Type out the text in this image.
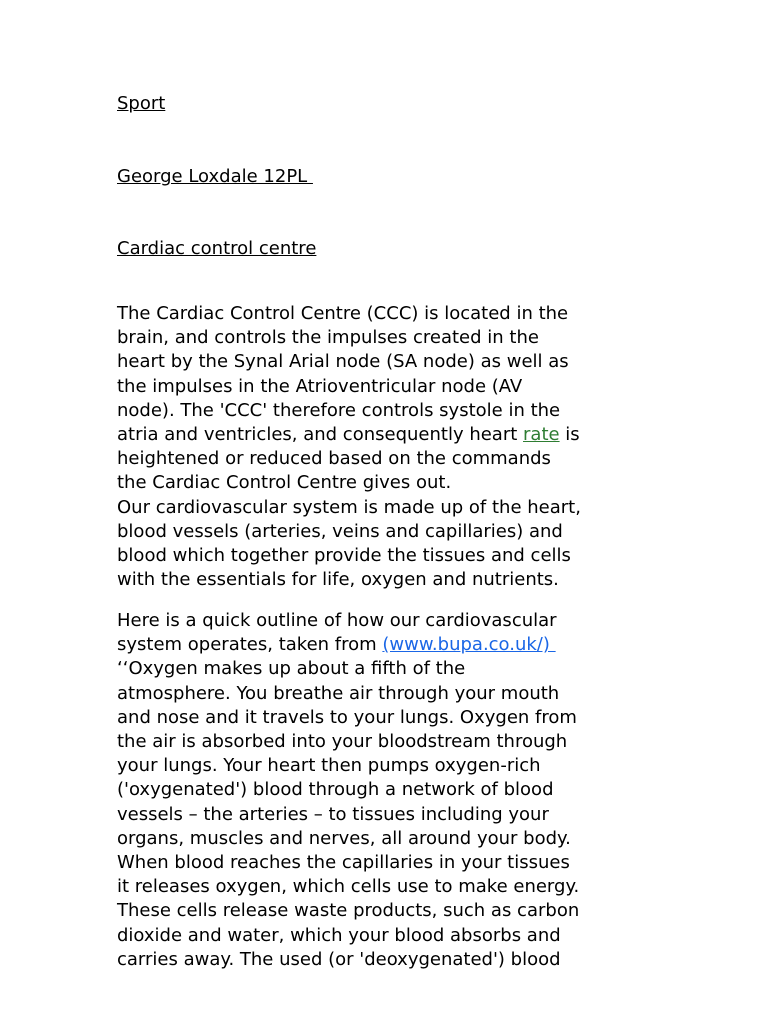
Sport
George Loxdale 12PL
Cardiac control centre
The Cardiac Control Centre (CCC) is located in the
brain, and controls the impulses created in the
heart by the Synal Arial node (SA node) as well as
the impulses in the Atrioventricular node (AV
node). The 'CCC' therefore controls systole in the
atria and ventricles, and consequently heart rate is
heightened or reduced based on the commands
the Cardiac Control Centre gives out.
Our cardiovascular system is made up of the heart,
blood vessels (arteries, veins and capillaries) and
blood which together provide the tissues and cells
with the essentials for life, oxygen and nutrients.
Here is a quick outline of how our cardiovascular
system operates, taken from (www.bupa.co.uk/)
‘‘Oxygen makes up about a fifth of the
atmosphere. You breathe air through your mouth
and nose and it travels to your lungs. Oxygen from
the air is absorbed into your bloodstream through
your lungs. Your heart then pumps oxygen-rich
('oxygenated') blood through a network of blood
vessels – the arteries – to tissues including your
organs, muscles and nerves, all around your body.
When blood reaches the capillaries in your tissues
it releases oxygen, which cells use to make energy.
These cells release waste products, such as carbon
dioxide and water, which your blood absorbs and
carries away. The used (or 'deoxygenated') blood
